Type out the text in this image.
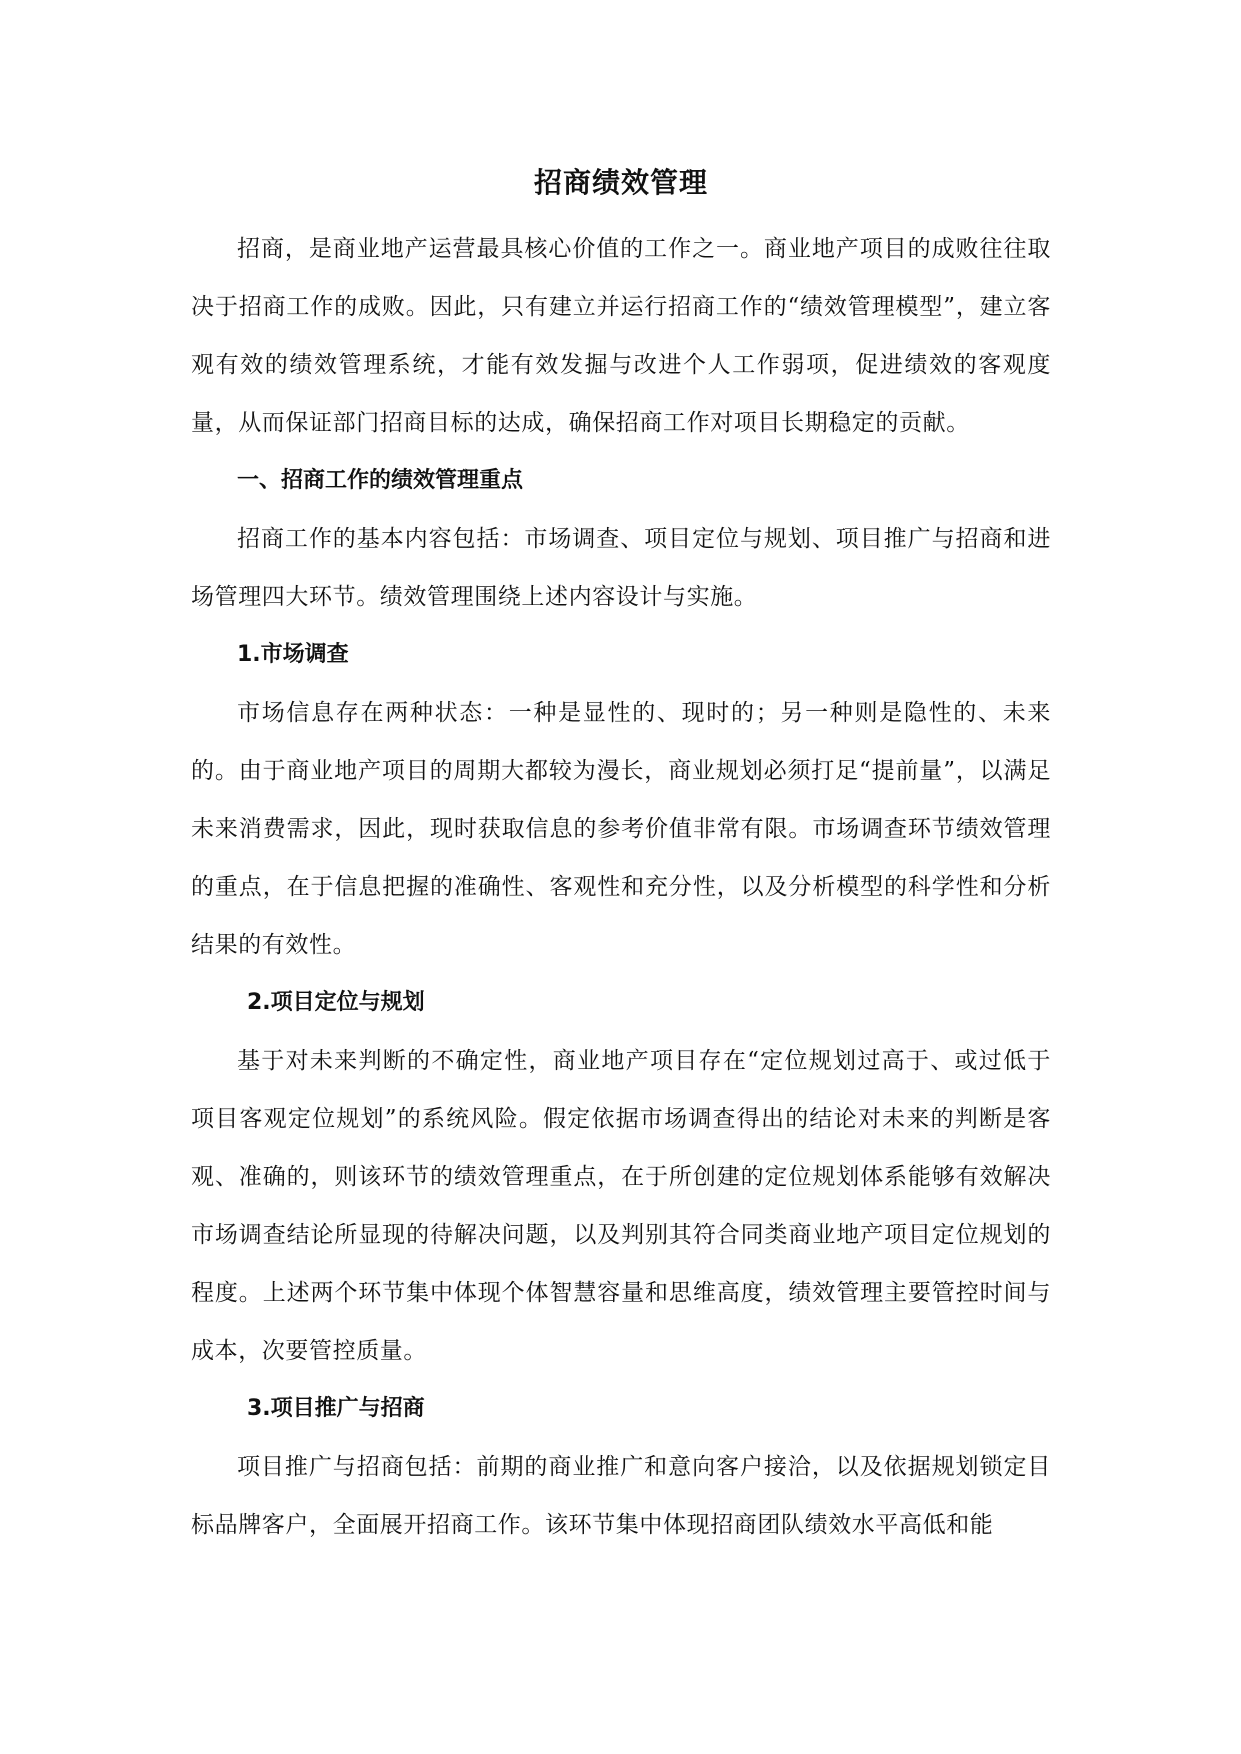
招商绩效管理

招商，是商业地产运营最具核心价值的工作之一。商业地产项目的成败往往取决于招商工作的成败。因此，只有建立并运行招商工作的“绩效管理模型”，建立客观有效的绩效管理系统，才能有效发掘与改进个人工作弱项，促进绩效的客观度量，从而保证部门招商目标的达成，确保招商工作对项目长期稳定的贡献。

一、招商工作的绩效管理重点

招商工作的基本内容包括：市场调查、项目定位与规划、项目推广与招商和进场管理四大环节。绩效管理围绕上述内容设计与实施。

1.市场调查

市场信息存在两种状态：一种是显性的、现时的；另一种则是隐性的、未来的。由于商业地产项目的周期大都较为漫长，商业规划必须打足“提前量”，以满足未来消费需求，因此，现时获取信息的参考价值非常有限。市场调查环节绩效管理的重点，在于信息把握的准确性、客观性和充分性，以及分析模型的科学性和分析结果的有效性。

2.项目定位与规划

基于对未来判断的不确定性，商业地产项目存在“定位规划过高于、或过低于项目客观定位规划”的系统风险。假定依据市场调查得出的结论对未来的判断是客观、准确的，则该环节的绩效管理重点，在于所创建的定位规划体系能够有效解决市场调查结论所显现的待解决问题，以及判别其符合同类商业地产项目定位规划的程度。上述两个环节集中体现个体智慧容量和思维高度，绩效管理主要管控时间与成本，次要管控质量。

3.项目推广与招商

项目推广与招商包括：前期的商业推广和意向客户接洽，以及依据规划锁定目标品牌客户，全面展开招商工作。该环节集中体现招商团队绩效水平高低和能
